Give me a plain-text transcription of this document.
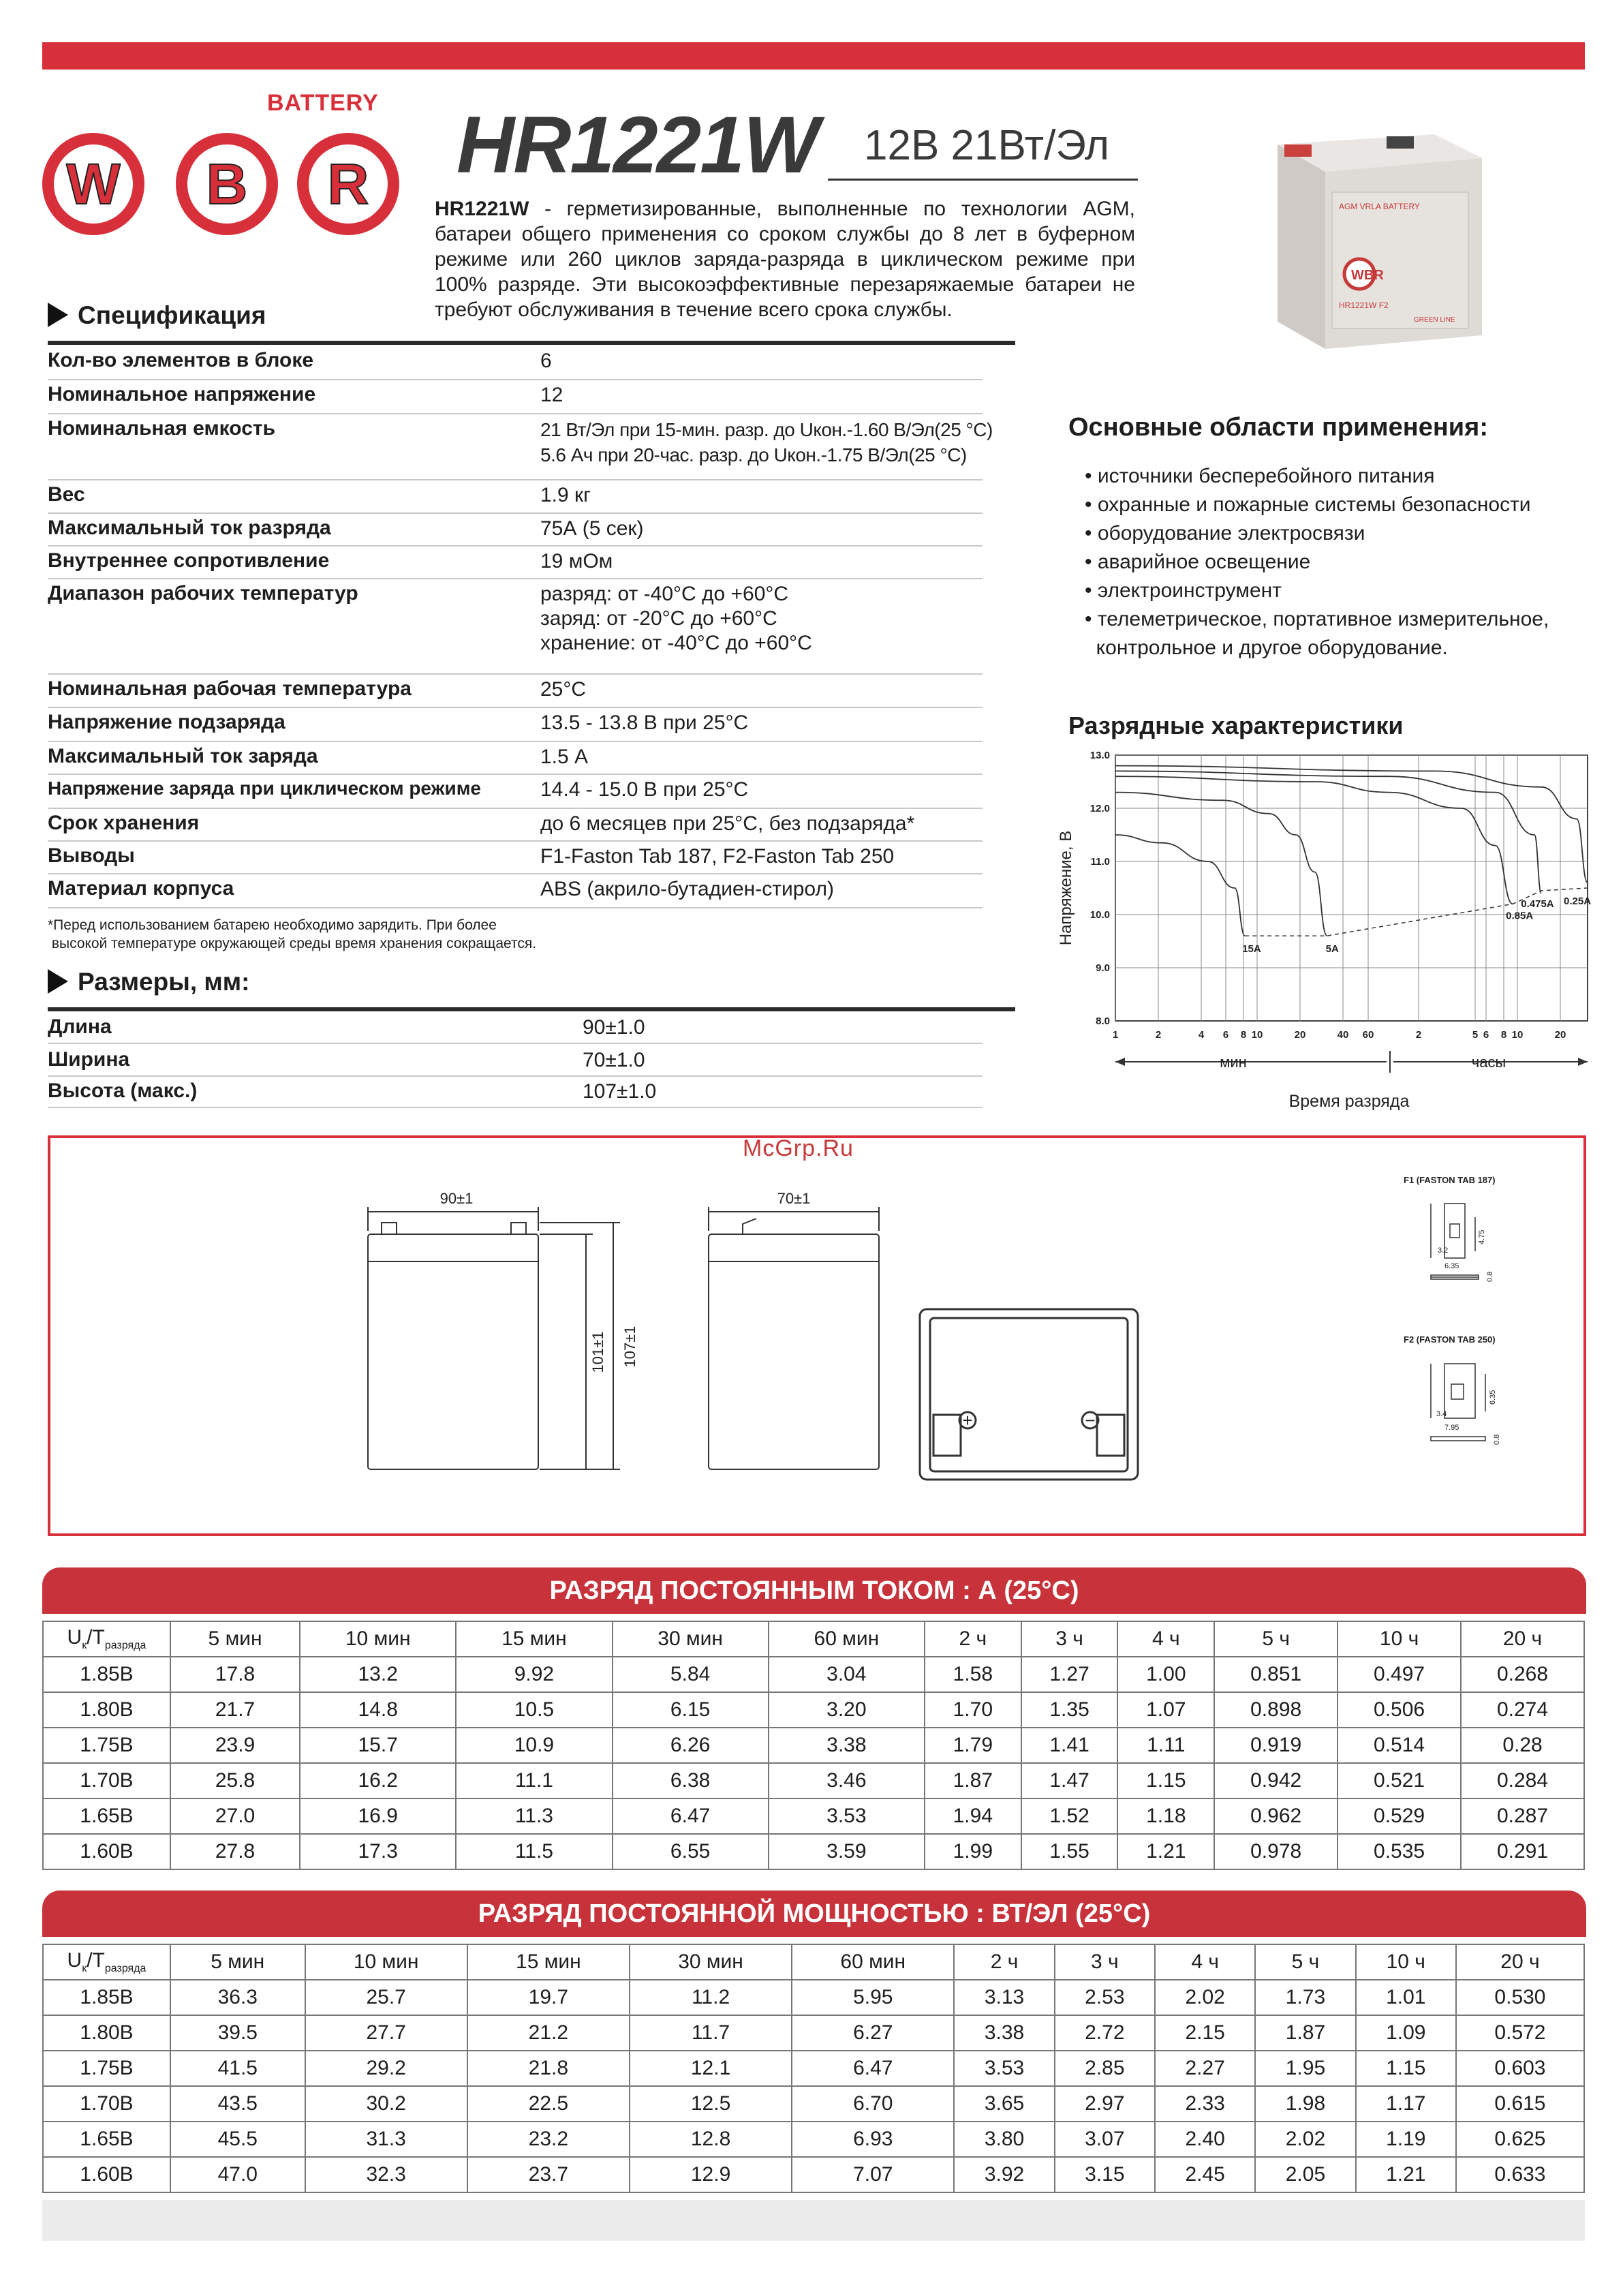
BATTERY
W	B	R	HR1221W 12В 21Вт/Эл
HR1221W - герметизированные, выполненные по технологии AGM, батареи общего применения со сроком службы до 8 лет в буферном режиме или 260 циклов заряда-разряда в циклическом режиме при 100% разряде. Эти высокоэффективные перезаряжаемые батареи не требуют обслуживания в течение всего срока службы.
AGM VRLA BATTERY
WBR
HR1221W F2
GREEN LINE
Спецификация
Кол-во элементов в блоке	6
Номинальное напряжение	12
Номинальная емкость	21 Вт/Эл при 15-мин. разр. до Uкон.-1.60 В/Эл(25 °С)
5.6 Ач при 20-час. разр. до Uкон.-1.75 В/Эл(25 °С)
Вес	1.9 кг
Максимальный ток разряда	75А (5 сек)
Внутреннее сопротивление	19 мОм
Диапазон рабочих температур	разряд: от -40°С до +60°С
заряд: от -20°С до +60°С
хранение: от -40°С до +60°С
Номинальная рабочая температура	25°С
Напряжение подзаряда	13.5 - 13.8 В при 25°С
Максимальный ток заряда	1.5 А
Напряжение заряда при циклическом режиме	14.4 - 15.0 В при 25°С
Срок хранения	до 6 месяцев при 25°С, без подзаряда*
Выводы	F1-Faston Tab 187, F2-Faston Tab 250
Материал корпуса	ABS (акрило-бутадиен-стирол)
*Перед использованием батарею необходимо зарядить. При более
высокой температуре окружающей среды время хранения сокращается.
Размеры, мм:
Длина	90±1.0
Ширина	70±1.0
Высота (макс.)	107±1.0
Основные области применения:
• источники бесперебойного питания
• охранные и пожарные системы безопасности
• оборудование электросвязи
• аварийное освещение
• электроинструмент
• телеметрическое, портативное измерительное,
контрольное и другое оборудование.
Разрядные характеристики
13.0
12.0
11.0
10.0
9.0
8.0
1	2	4 6 8 10	20	40 60	2	5 6 8 10	20
Напряжение, В
Время разряда
мин	часы
15A	5A
0.85A
0.475A 0.25A
McGrp.Ru
90±1
101±1 107±1
70±1
+	−
F1 (FASTON TAB 187)
3.2
6.35
4.75
0.8
F2 (FASTON TAB 250)
3.4
7.95
6.35
0.8
РАЗРЯД ПОСТОЯННЫМ ТОКОМ : А (25°С)
$U_к/T_{разряда}$	5 мин	10 мин	15 мин	30 мин	60 мин	2 ч	3 ч	4 ч	5 ч	10 ч	20 ч
1.85В	17.8	13.2	9.92	5.84	3.04	1.58	1.27	1.00	0.851	0.497	0.268
1.80В	21.7	14.8	10.5	6.15	3.20	1.70	1.35	1.07	0.898	0.506	0.274
1.75В	23.9	15.7	10.9	6.26	3.38	1.79	1.41	1.11	0.919	0.514	0.28
1.70В	25.8	16.2	11.1	6.38	3.46	1.87	1.47	1.15	0.942	0.521	0.284
1.65В	27.0	16.9	11.3	6.47	3.53	1.94	1.52	1.18	0.962	0.529	0.287
1.60В	27.8	17.3	11.5	6.55	3.59	1.99	1.55	1.21	0.978	0.535	0.291
РАЗРЯД ПОСТОЯННОЙ МОЩНОСТЬЮ : ВТ/ЭЛ (25°С)
$U_к/T_{разряда}$	5 мин	10 мин	15 мин	30 мин	60 мин	2 ч	3 ч	4 ч	5 ч	10 ч	20 ч
1.85В	36.3	25.7	19.7	11.2	5.95	3.13	2.53	2.02	1.73	1.01	0.530
1.80В	39.5	27.7	21.2	11.7	6.27	3.38	2.72	2.15	1.87	1.09	0.572
1.75В	41.5	29.2	21.8	12.1	6.47	3.53	2.85	2.27	1.95	1.15	0.603
1.70В	43.5	30.2	22.5	12.5	6.70	3.65	2.97	2.33	1.98	1.17	0.615
1.65В	45.5	31.3	23.2	12.8	6.93	3.80	3.07	2.40	2.02	1.19	0.625
1.60В	47.0	32.3	23.7	12.9	7.07	3.92	3.15	2.45	2.05	1.21	0.633
